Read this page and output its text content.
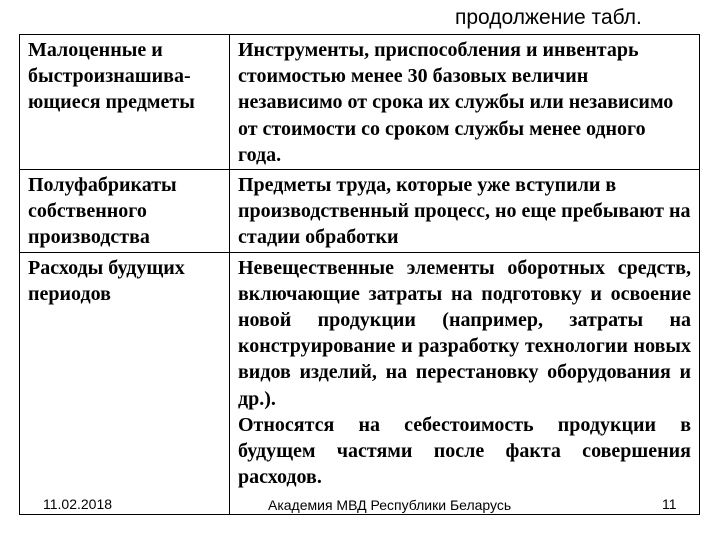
продолжение табл.
Малоценные и быстроизнашива-ющиеся предметы	Инструменты, приспособления и инвентарь стоимостью менее 30 базовых величин независимо от срока их службы или независимо от стоимости со сроком службы менее одного года.

Полуфабрикаты собственного производства	Предметы труда, которые уже вступили в производственный процесс, но еще пребывают на стадии обработки

Расходы будущих периодов	Невещественные элементы оборотных средств, включающие затраты на подготовку и освоение новой продукции (например, затраты на конструирование и разработку технологии новых видов изделий, на перестановку оборудования и др.).
Относятся на себестоимость продукции в будущем частями после факта совершения расходов.
11.02.2018	Академия МВД Республики Беларусь	11
